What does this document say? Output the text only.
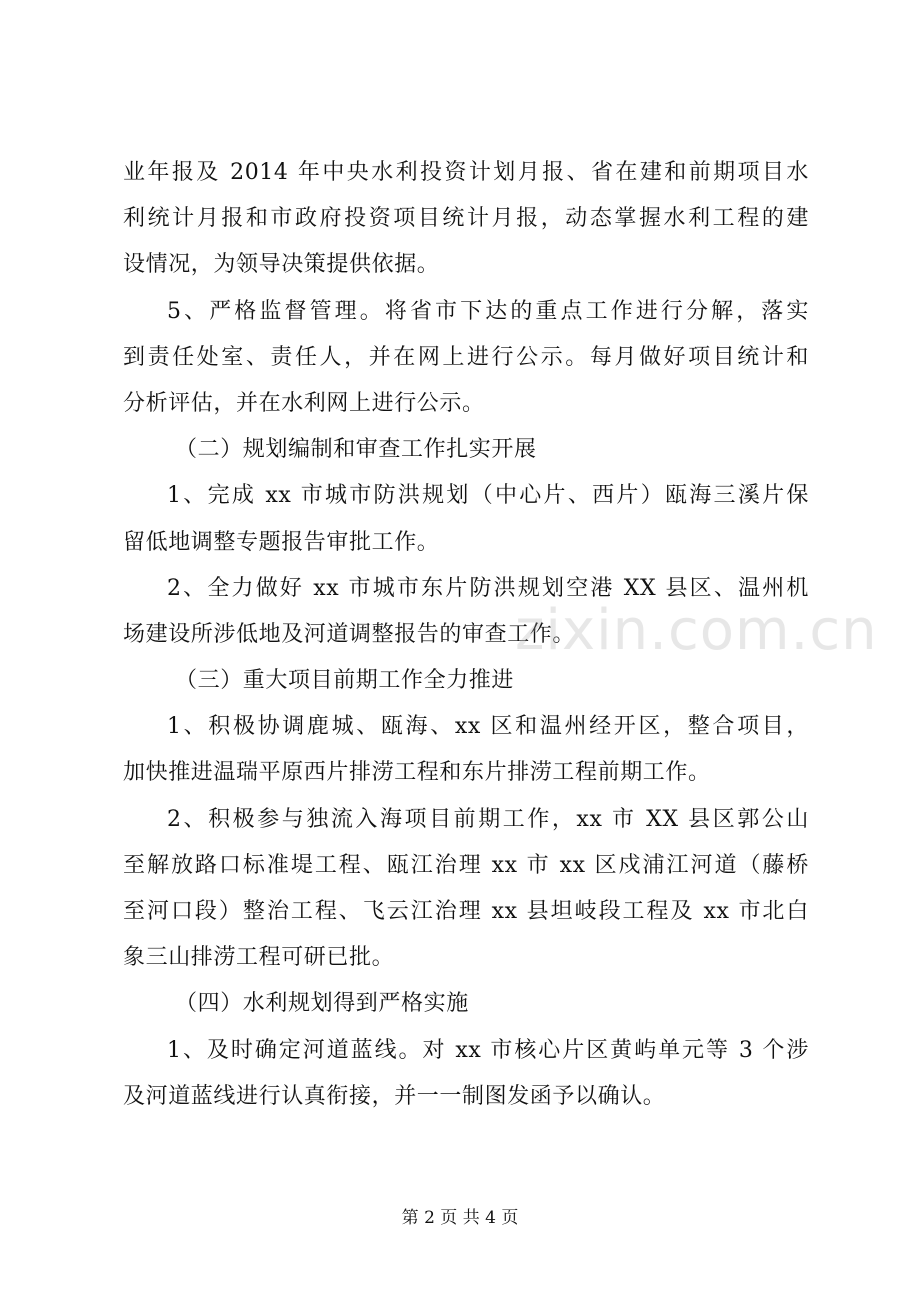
业年报及 2014 年中央水利投资计划月报、省在建和前期项目水
利统计月报和市政府投资项目统计月报，动态掌握水利工程的建
设情况，为领导决策提供依据。
5、严格监督管理。将省市下达的重点工作进行分解，落实
到责任处室、责任人，并在网上进行公示。每月做好项目统计和
分析评估，并在水利网上进行公示。
（二）规划编制和审查工作扎实开展
1、完成 xx 市城市防洪规划（中心片、西片）瓯海三溪片保
留低地调整专题报告审批工作。
2、全力做好 xx 市城市东片防洪规划空港 XX 县区、温州机
场建设所涉低地及河道调整报告的审查工作。
（三）重大项目前期工作全力推进
1、积极协调鹿城、瓯海、xx 区和温州经开区，整合项目，
加快推进温瑞平原西片排涝工程和东片排涝工程前期工作。
2、积极参与独流入海项目前期工作，xx 市 XX 县区郭公山
至解放路口标准堤工程、瓯江治理 xx 市 xx 区戍浦江河道（藤桥
至河口段）整治工程、飞云江治理 xx 县坦岐段工程及 xx 市北白
象三山排涝工程可研已批。
（四）水利规划得到严格实施
1、及时确定河道蓝线。对 xx 市核心片区黄屿单元等 3 个涉
及河道蓝线进行认真衔接，并一一制图发函予以确认。
zixin.com.cn
第 2 页 共 4 页
